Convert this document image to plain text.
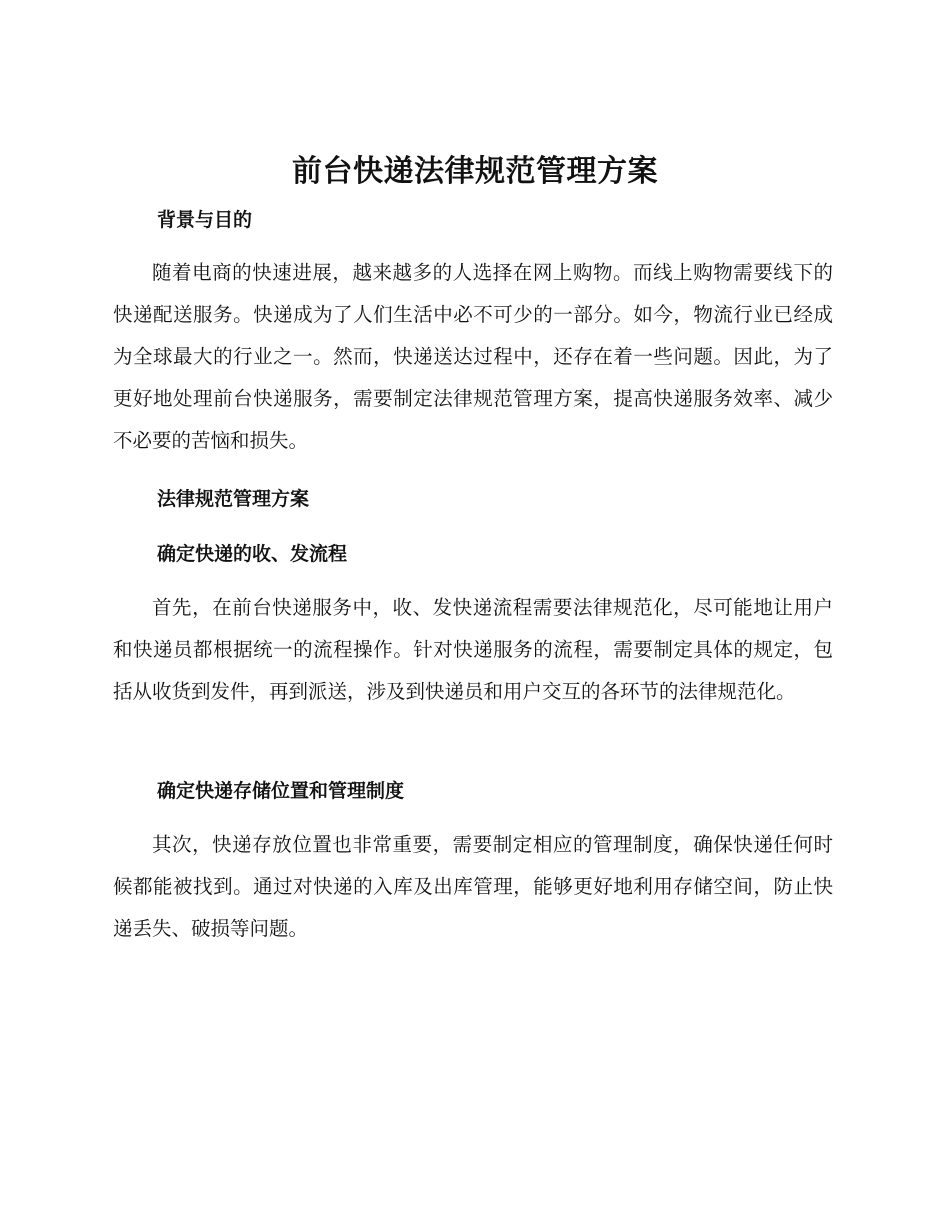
前台快递法律规范管理方案
背景与目的

随着电商的快速进展，越来越多的人选择在网上购物。而线上购物需要线下的快递配送服务。快递成为了人们生活中必不可少的一部分。如今，物流行业已经成为全球最大的行业之一。然而，快递送达过程中，还存在着一些问题。因此，为了更好地处理前台快递服务，需要制定法律规范管理方案，提高快递服务效率、减少不必要的苦恼和损失。

法律规范管理方案
确定快递的收、发流程

首先，在前台快递服务中，收、发快递流程需要法律规范化，尽可能地让用户和快递员都根据统一的流程操作。针对快递服务的流程，需要制定具体的规定，包括从收货到发件，再到派送，涉及到快递员和用户交互的各环节的法律规范化。

确定快递存储位置和管理制度

其次，快递存放位置也非常重要，需要制定相应的管理制度，确保快递任何时候都能被找到。通过对快递的入库及出库管理，能够更好地利用存储空间，防止快递丢失、破损等问题。
